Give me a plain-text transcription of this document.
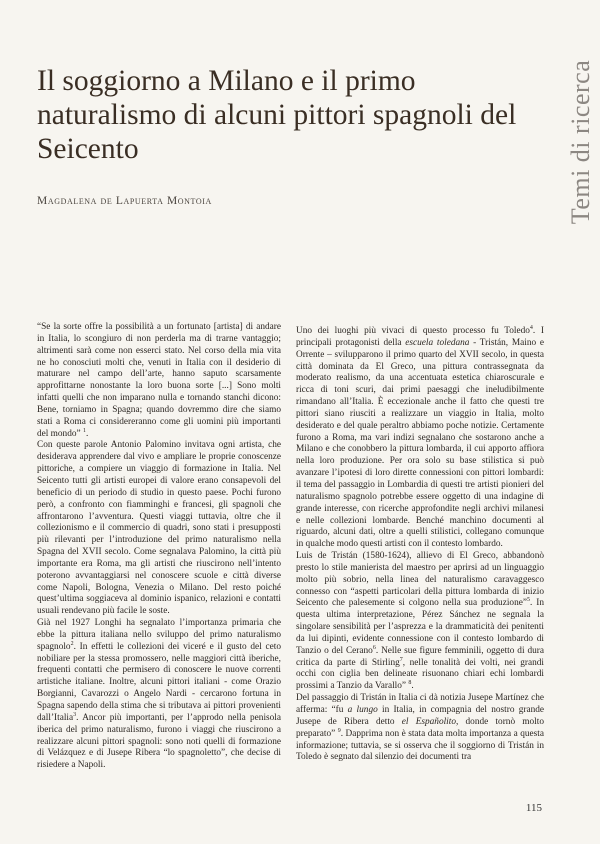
Temi di ricerca
Il soggiorno a Milano e il primo naturalismo di alcuni pittori spagnoli del Seicento
Magdalena de Lapuerta Montoia

“Se la sorte offre la possibilità a un fortunato [artista] di andare in Italia, lo scongiuro di non perderla ma di trarne vantaggio; altrimenti sarà come non esserci stato. Nel corso della mia vita ne ho conosciuti molti che, venuti in Italia con il desiderio di maturare nel campo dell’arte, hanno saputo scarsamente approfittarne nonostante la loro buona sorte [...] Sono molti infatti quelli che non imparano nulla e tornando stanchi dicono: Bene, torniamo in Spagna; quando dovremmo dire che siamo stati a Roma ci considereranno come gli uomini più importanti del mondo” $^1$.

Con queste parole Antonio Palomino invitava ogni artista, che desiderava apprendere dal vivo e ampliare le proprie conoscenze pittoriche, a compiere un viaggio di formazione in Italia. Nel Seicento tutti gli artisti europei di valore erano consapevoli del beneficio di un periodo di studio in questo paese. Pochi furono però, a confronto con fiamminghi e francesi, gli spagnoli che affrontarono l’avventura. Questi viaggi tuttavia, oltre che il collezionismo e il commercio di quadri, sono stati i presupposti più rilevanti per l’introduzione del primo naturalismo nella Spagna del XVII secolo. Come segnalava Palomino, la città più importante era Roma, ma gli artisti che riuscirono nell’intento poterono avvantaggiarsi nel conoscere scuole e città diverse come Napoli, Bologna, Venezia o Milano. Del resto poiché quest’ultima soggiaceva al dominio ispanico, relazioni e contatti usuali rendevano più facile le soste.

Già nel 1927 Longhi ha segnalato l’importanza primaria che ebbe la pittura italiana nello sviluppo del primo naturalismo spagnolo$^2$. In effetti le collezioni dei viceré e il gusto del ceto nobiliare per la stessa promossero, nelle maggiori città iberiche, frequenti contatti che permisero di conoscere le nuove correnti artistiche italiane. Inoltre, alcuni pittori italiani - come Orazio Borgianni, Cavarozzi o Angelo Nardi - cercarono fortuna in Spagna sapendo della stima che si tributava ai pittori provenienti dall’Italia$^3$. Ancor più importanti, per l’approdo nella penisola iberica del primo naturalismo, furono i viaggi che riuscirono a realizzare alcuni pittori spagnoli: sono noti quelli di formazione di Velázquez e di Jusepe Ribera “lo spagnoletto”, che decise di risiedere a Napoli.

Uno dei luoghi più vivaci di questo processo fu Toledo$^4$. I principali protagonisti della escuela toledana - Tristán, Maino e Orrente – svilupparono il primo quarto del XVII secolo, in questa città dominata da El Greco, una pittura contrassegnata da moderato realismo, da una accentuata estetica chiaroscurale e ricca di toni scuri, dai primi paesaggi che ineludibilmente rimandano all’Italia. È eccezionale anche il fatto che questi tre pittori siano riusciti a realizzare un viaggio in Italia, molto desiderato e del quale peraltro abbiamo poche notizie. Certamente furono a Roma, ma vari indizi segnalano che sostarono anche a Milano e che conobbero la pittura lombarda, il cui apporto affiora nella loro produzione. Per ora solo su base stilistica si può avanzare l’ipotesi di loro dirette connessioni con pittori lombardi: il tema del passaggio in Lombardia di questi tre artisti pionieri del naturalismo spagnolo potrebbe essere oggetto di una indagine di grande interesse, con ricerche approfondite negli archivi milanesi e nelle collezioni lombarde. Benché manchino documenti al riguardo, alcuni dati, oltre a quelli stilistici, collegano comunque in qualche modo questi artisti con il contesto lombardo.

Luis de Tristán (1580-1624), allievo di El Greco, abbandonò presto lo stile manierista del maestro per aprirsi ad un linguaggio molto più sobrio, nella linea del naturalismo caravaggesco connesso con “aspetti particolari della pittura lombarda di inizio Seicento che palesemente si colgono nella sua produzione”$^5$. In questa ultima interpretazione, Pérez Sánchez ne segnala la singolare sensibilità per l’asprezza e la drammaticità dei penitenti da lui dipinti, evidente connessione con il contesto lombardo di Tanzio o del Cerano$^6$. Nelle sue figure femminili, oggetto di dura critica da parte di Stirling$^7$, nelle tonalità dei volti, nei grandi occhi con ciglia ben delineate risuonano chiari echi lombardi prossimi a Tanzio da Varallo” $^8$.

Del passaggio di Tristán in Italia ci dà notizia Jusepe Martínez che afferma: “fu a lungo in Italia, in compagnia del nostro grande Jusepe de Ribera detto el Españolito, donde tornò molto preparato” $^9$. Dapprima non è stata data molta importanza a questa informazione; tuttavia, se si osserva che il soggiorno di Tristán in Toledo è segnato dal silenzio dei documenti tra

115
